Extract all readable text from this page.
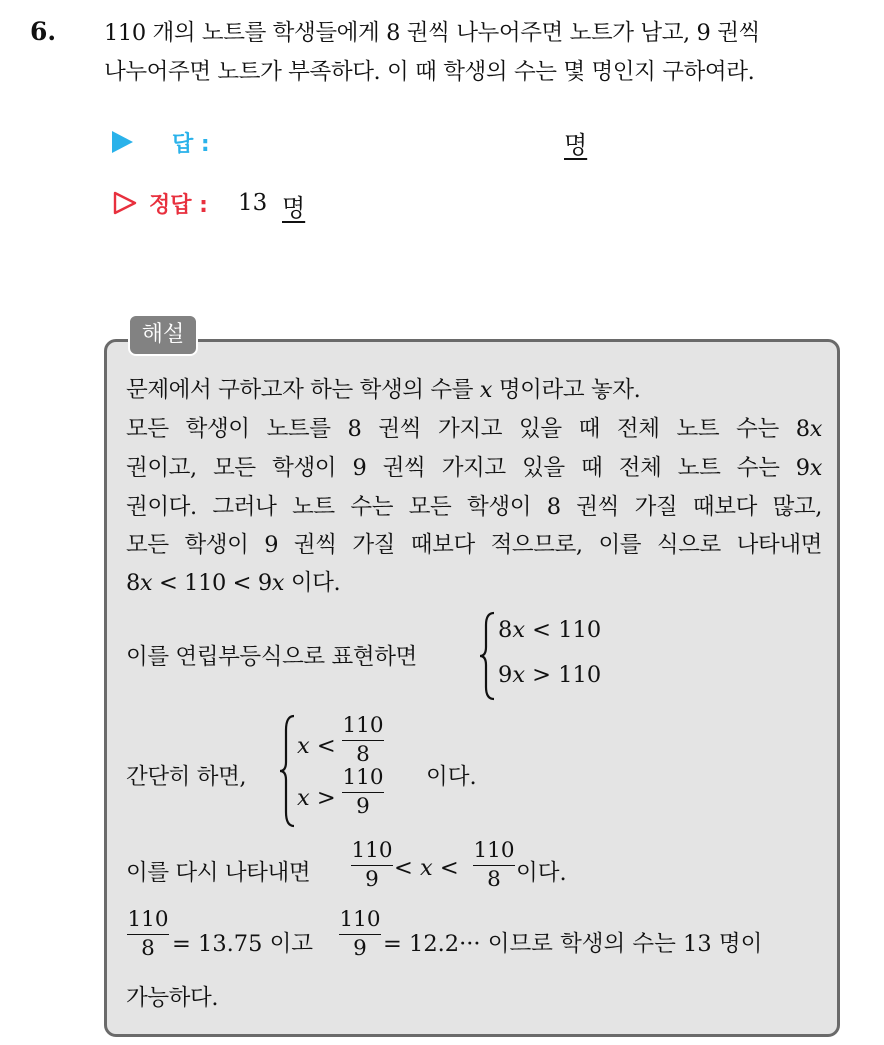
6. 110 개의 노트를 학생들에게 8 권씩 나누어주면 노트가 남고, 9 권씩
나누어주면 노트가 부족하다. 이 때 학생의 수는 몇 명인지 구하여라.
답 :	명
정답 : 13 명
해설
문제에서 구하고자 하는 학생의 수를 x 명이라고 놓자.
모든 학생이 노트를 8 권씩 가지고 있을 때 전체 노트 수는 8x
권이고, 모든 학생이 9 권씩 가지고 있을 때 전체 노트 수는 9x
권이다. 그러나 노트 수는 모든 학생이 8 권씩 가질 때보다 많고,
모든 학생이 9 권씩 가질 때보다 적으므로, 이를 식으로 나타내면
8x < 110 < 9x 이다.
이를 연립부등식으로 표현하면
8x < 110
9x > 110
간단히 하면,
x <
110
8
x >
110
9
이다.
이를 다시 나타내면
110
9 < x <
110
8 이다.
110
8 = 13.75 이고
110
9 = 12.2··· 이므로 학생의 수는 13 명이
가능하다.
